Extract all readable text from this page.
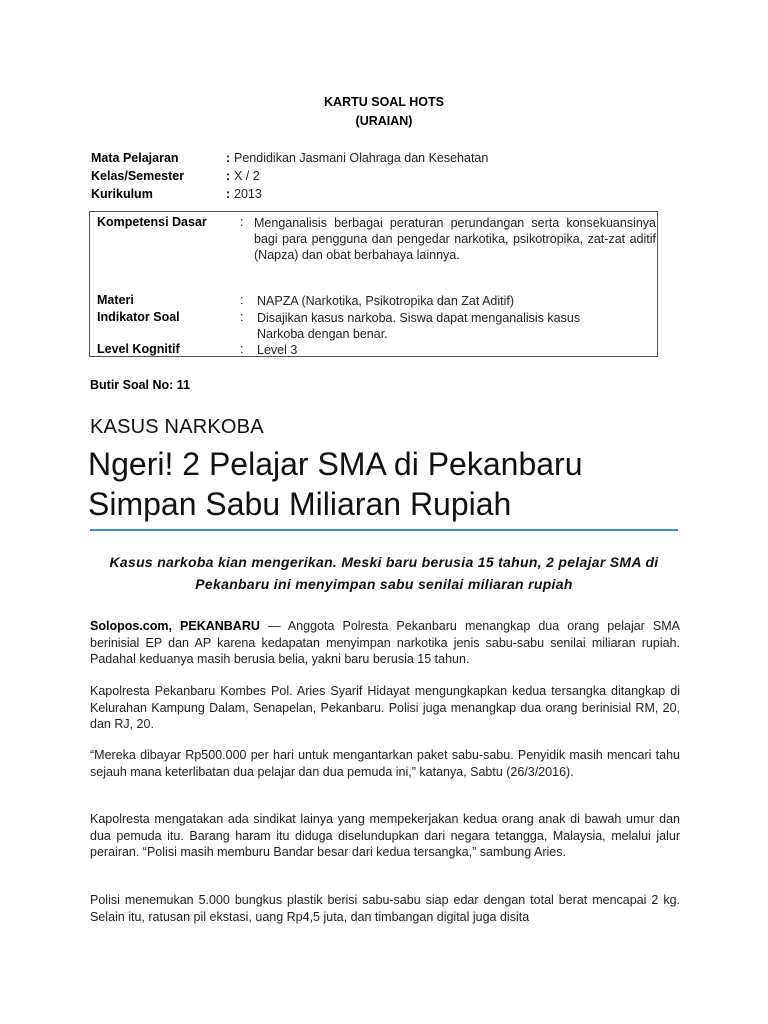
KARTU SOAL HOTS
(URAIAN)
Mata Pelajaran	: Pendidikan Jasmani Olahraga dan Kesehatan
Kelas/Semester	: X / 2
Kurikulum	: 2013
Kompetensi Dasar	: Menganalisis berbagai peraturan perundangan serta konsekuansinya bagi para pengguna dan pengedar narkotika, psikotropika, zat-zat aditif (Napza) dan obat berbahaya lainnya.
Materi	: NAPZA (Narkotika, Psikotropika dan Zat Aditif)
Indikator Soal	: Disajikan kasus narkoba. Siswa dapat menganalisis kasus
Narkoba dengan benar.
Level Kognitif	: Level 3
Butir Soal No: 11
KASUS NARKOBA
Ngeri! 2 Pelajar SMA di Pekanbaru Simpan Sabu Miliaran Rupiah
Kasus narkoba kian mengerikan. Meski baru berusia 15 tahun, 2 pelajar SMA di Pekanbaru ini menyimpan sabu senilai miliaran rupiah
Solopos.com, PEKANBARU — Anggota Polresta Pekanbaru menangkap dua orang pelajar SMA berinisial EP dan AP karena kedapatan menyimpan narkotika jenis sabu-sabu senilai miliaran rupiah. Padahal keduanya masih berusia belia, yakni baru berusia 15 tahun.
Kapolresta Pekanbaru Kombes Pol. Aries Syarif Hidayat mengungkapkan kedua tersangka ditangkap di Kelurahan Kampung Dalam, Senapelan, Pekanbaru. Polisi juga menangkap dua orang berinisial RM, 20, dan RJ, 20.
“Mereka dibayar Rp500.000 per hari untuk mengantarkan paket sabu-sabu. Penyidik masih mencari tahu sejauh mana keterlibatan dua pelajar dan dua pemuda ini,” katanya, Sabtu (26/3/2016).
Kapolresta mengatakan ada sindikat lainya yang mempekerjakan kedua orang anak di bawah umur dan dua pemuda itu. Barang haram itu diduga diselundupkan dari negara tetangga, Malaysia, melalui jalur perairan. “Polisi masih memburu Bandar besar dari kedua tersangka,” sambung Aries.
Polisi menemukan 5.000 bungkus plastik berisi sabu-sabu siap edar dengan total berat mencapai 2 kg. Selain itu, ratusan pil ekstasi, uang Rp4,5 juta, dan timbangan digital juga disita
